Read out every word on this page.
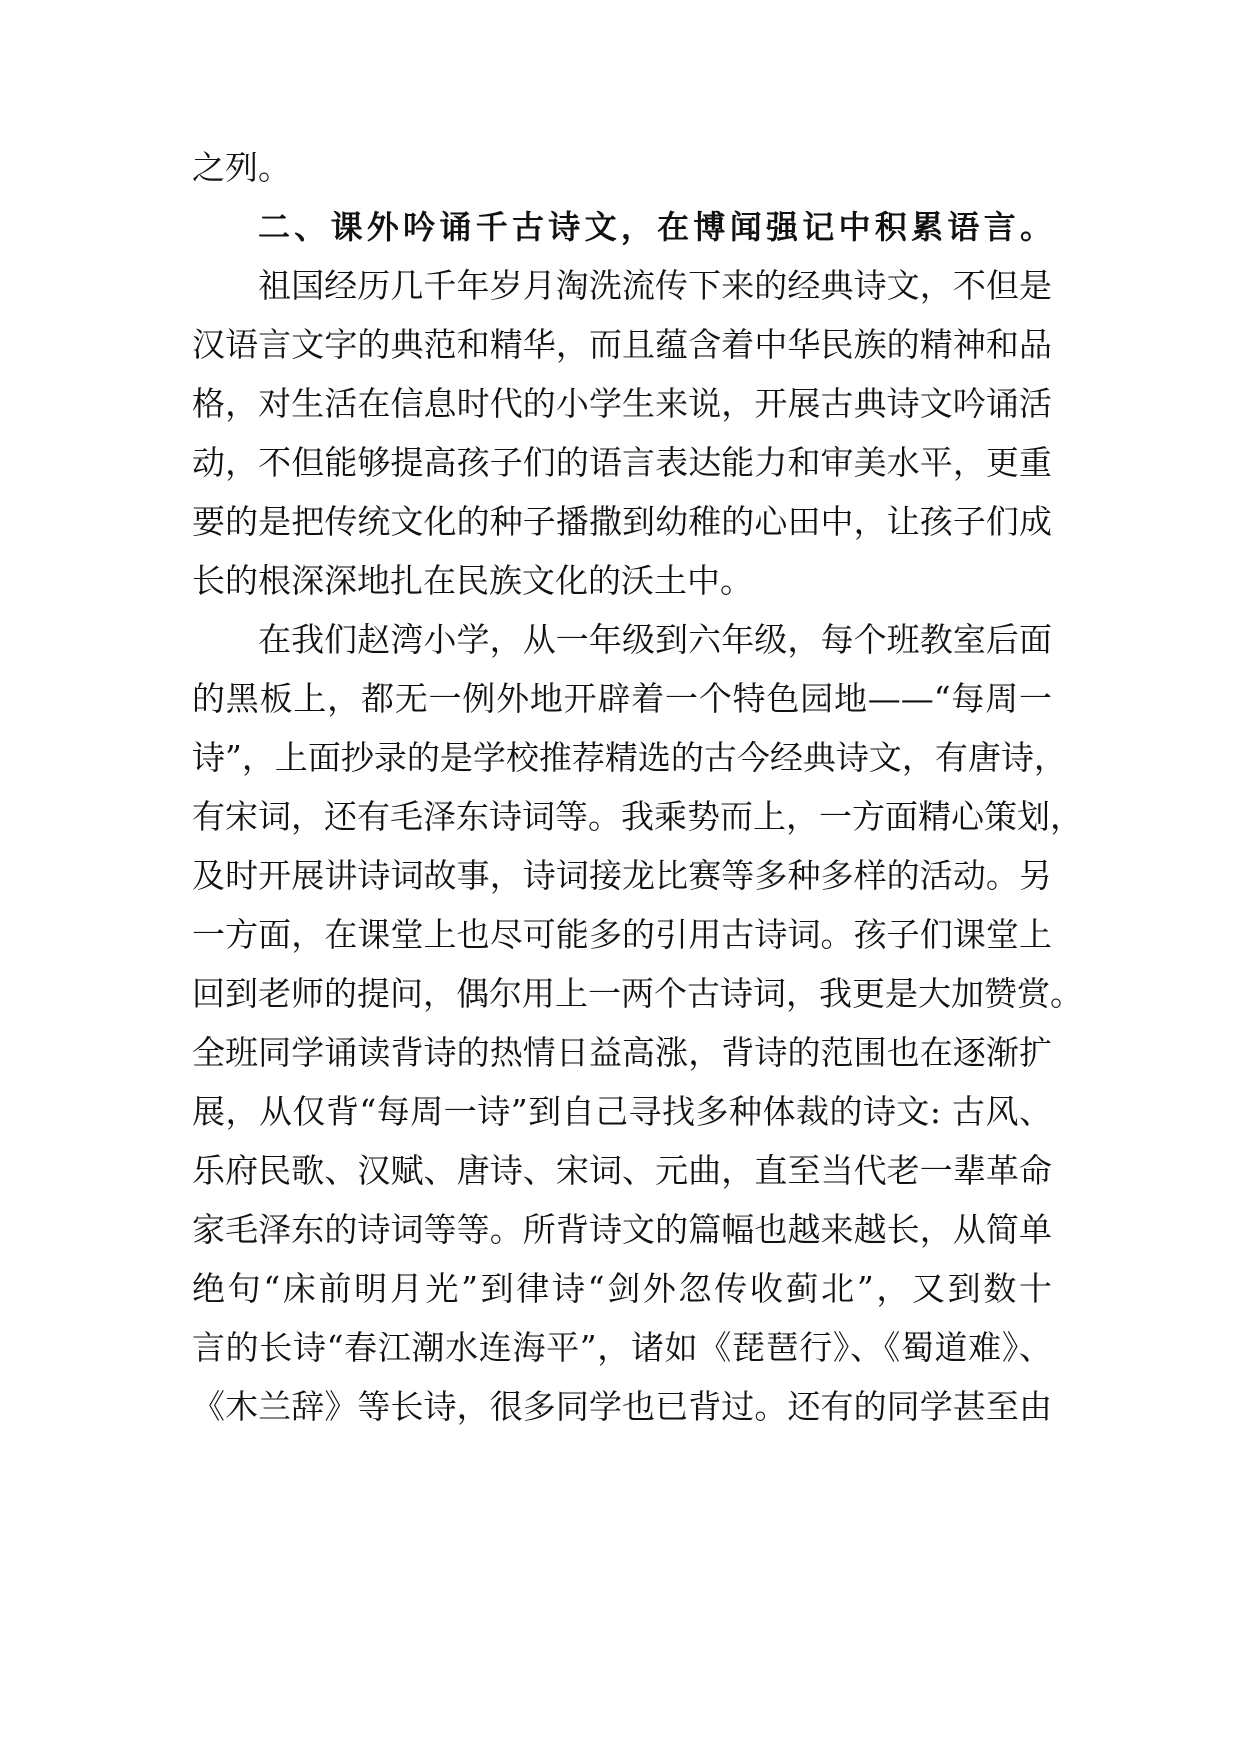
之列。
二、课外吟诵千古诗文，在博闻强记中积累语言。
祖国经历几千年岁月淘洗流传下来的经典诗文，不但是
汉语言文字的典范和精华，而且蕴含着中华民族的精神和品
格，对生活在信息时代的小学生来说，开展古典诗文吟诵活
动，不但能够提高孩子们的语言表达能力和审美水平，更重
要的是把传统文化的种子播撒到幼稚的心田中，让孩子们成
长的根深深地扎在民族文化的沃土中。
在我们赵湾小学，从一年级到六年级，每个班教室后面
的黑板上，都无一例外地开辟着一个特色园地——“每周一
诗”，上面抄录的是学校推荐精选的古今经典诗文，有唐诗，
有宋词，还有毛泽东诗词等。我乘势而上，一方面精心策划，
及时开展讲诗词故事，诗词接龙比赛等多种多样的活动。另
一方面，在课堂上也尽可能多的引用古诗词。孩子们课堂上
回到老师的提问，偶尔用上一两个古诗词，我更是大加赞赏。
全班同学诵读背诗的热情日益高涨，背诗的范围也在逐渐扩
展，从仅背“每周一诗”到自己寻找多种体裁的诗文: 古风、
乐府民歌、汉赋、唐诗、宋词、元曲，直至当代老一辈革命
家毛泽东的诗词等等。所背诗文的篇幅也越来越长，从简单
绝句“床前明月光”到律诗“剑外忽传收蓟北”，又到数十
言的长诗“春江潮水连海平”，诸如《琵琶行》、《蜀道难》、
《木兰辞》等长诗，很多同学也已背过。还有的同学甚至由
